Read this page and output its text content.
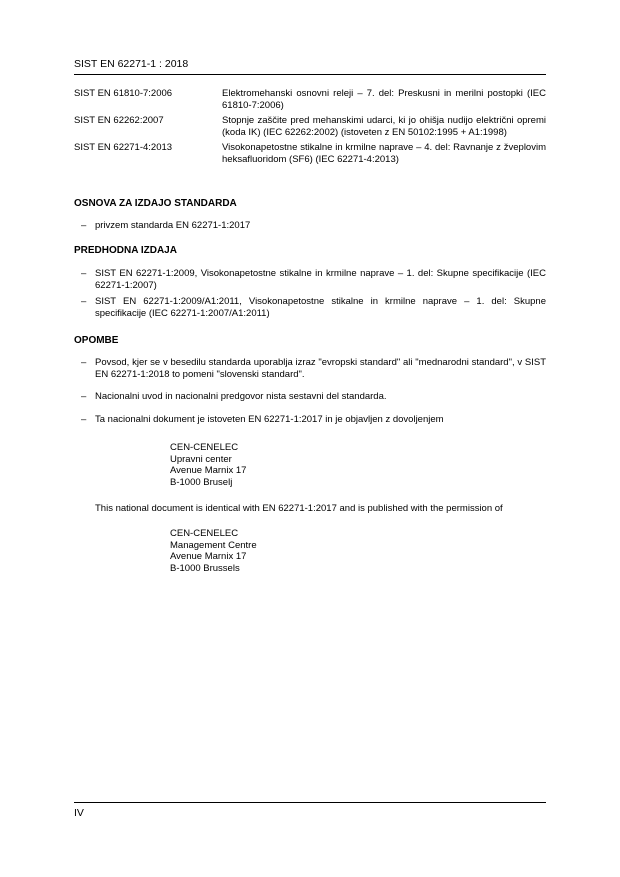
SIST EN 62271-1 : 2018
SIST EN 61810-7:2006	Elektromehanski osnovni releji – 7. del: Preskusni in merilni postopki (IEC 61810-7:2006)
SIST EN 62262:2007	Stopnje zaščite pred mehanskimi udarci, ki jo ohišja nudijo električni opremi (koda IK) (IEC 62262:2002) (istoveten z EN 50102:1995 + A1:1998)
SIST EN 62271-4:2013	Visokonapetostne stikalne in krmilne naprave – 4. del: Ravnanje z žveplovim heksafluoridom (SF6) (IEC 62271-4:2013)
OSNOVA ZA IZDAJO STANDARDA
– privzem standarda EN 62271-1:2017
PREDHODNA IZDAJA
– SIST EN 62271-1:2009, Visokonapetostne stikalne in krmilne naprave – 1. del: Skupne specifikacije (IEC 62271-1:2007)
– SIST EN 62271-1:2009/A1:2011, Visokonapetostne stikalne in krmilne naprave – 1. del: Skupne specifikacije (IEC 62271-1:2007/A1:2011)
OPOMBE
– Povsod, kjer se v besedilu standarda uporablja izraz "evropski standard" ali "mednarodni standard", v SIST EN 62271-1:2018 to pomeni "slovenski standard".
– Nacionalni uvod in nacionalni predgovor nista sestavni del standarda.
– Ta nacionalni dokument je istoveten EN 62271-1:2017 in je objavljen z dovoljenjem
CEN-CENELEC
Upravni center
Avenue Marnix 17
B-1000 Bruselj
This national document is identical with EN 62271-1:2017 and is published with the permission of
CEN-CENELEC
Management Centre
Avenue Marnix 17
B-1000 Brussels
IV
